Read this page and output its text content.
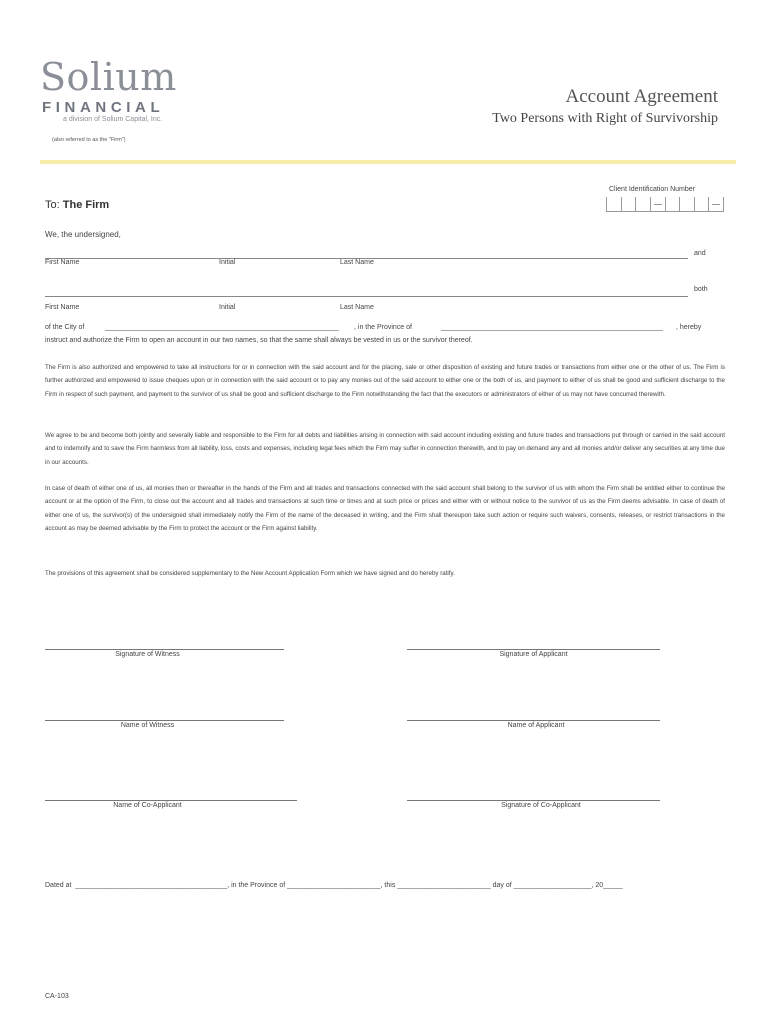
Solium
FINANCIAL
a division of Solium Capital, Inc.
(also referred to as the "Firm")
Account Agreement
Two Persons with Right of Survivorship
Client Identification Number
To: The Firm
We, the undersigned,
and
First Name	Initial	Last Name
both
First Name	Initial	Last Name
of the City of	____________________________________________________________ , in the Province of	_________________________________________________________ , hereby
instruct and authorize the Firm to open an account in our two names, so that the same shall always be vested in us or the survivor thereof.
The Firm is also authorized and empowered to take all instructions for or in connection with the said account and for the placing, sale or other disposition of existing and future trades or transactions from either one or the other of us. The Firm is further authorized and empowered to issue cheques upon or in connection with the said account or to pay any monies out of the said account to either one or the both of us, and payment to either of us shall be good and sufficient discharge to the Firm in respect of such payment, and payment to the survivor of us shall be good and sufficient discharge to the Firm notwithstanding the fact that the executors or administrators of either of us may not have concurred therewith.
We agree to be and become both jointly and severally liable and responsible to the Firm for all debts and liabilities arising in connection with said account including existing and future trades and transactions put through or carried in the said account and to indemnify and to save the Firm harmless from all liability, loss, costs and expenses, including legal fees which the Firm may suffer in connection therewith, and to pay on demand any and all monies and/or deliver any securities at any time due in our accounts.
In case of death of either one of us, all monies then or thereafter in the hands of the Firm and all trades and transactions connected with the said account shall belong to the survivor of us with whom the Firm shall be entitled either to continue the account or at the option of the Firm, to close out the account and all trades and transactions at such time or times and at such price or prices and either with or without notice to the survivor of us as the Firm deems advisable. In case of death of either one of us, the survivor(s) of the undersigned shall immediately notify the Firm of the name of the deceased in writing, and the Firm shall thereupon take such action or require such waivers, consents, releases, or restrict transactions in the account as may be deemed advisable by the Firm to protect the account or the Firm against liability.
The provisions of this agreement shall be considered supplementary to the New Account Application Form which we have signed and do hereby ratify.
Signature of Witness	Signature of Applicant
Name of Witness	Name of Applicant
Name of Co-Applicant	Signature of Co-Applicant
Dated at  _______________________________________, in the Province of ________________________, this ________________________ day of ____________________, 20_____
CA-103
